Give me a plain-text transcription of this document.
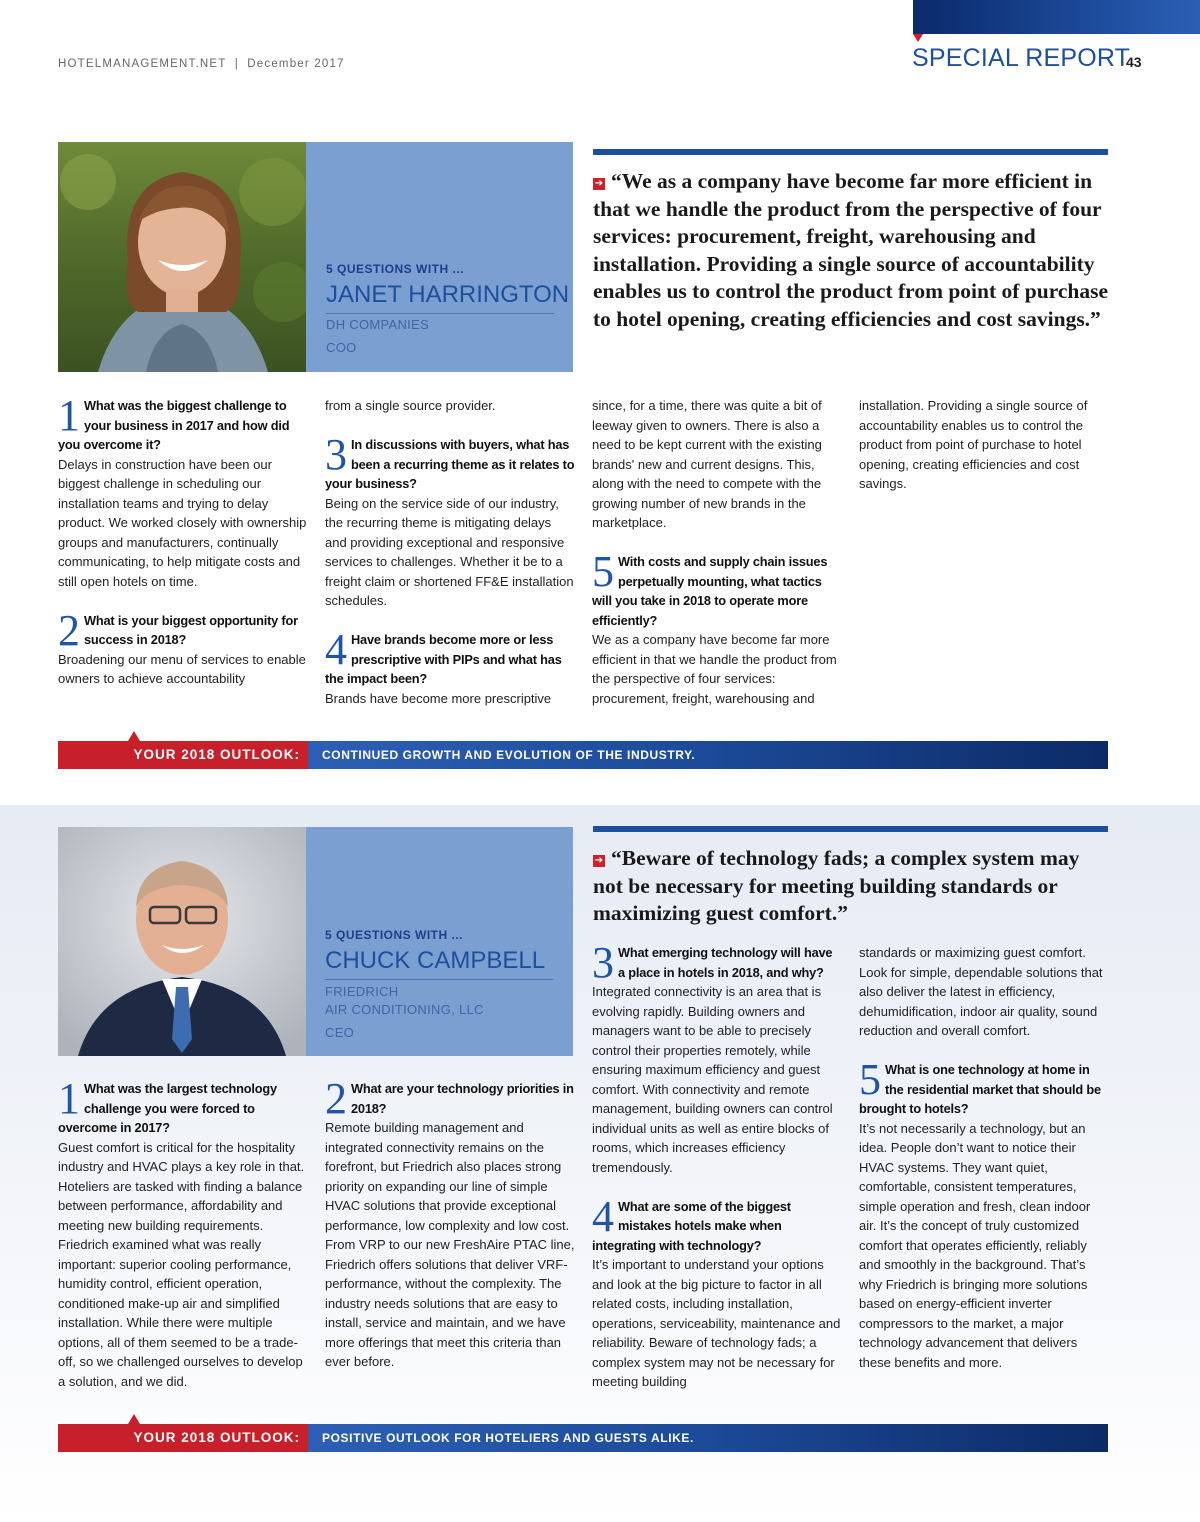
HOTELMANAGEMENT.NET | December 2017	SPECIAL REPORT
43
5 QUESTIONS WITH ...
JANET HARRINGTON
DH COMPANIES
COO
➔ “We as a company have become far more efficient in that we handle the product from the perspective of four services: procurement, freight, warehousing and installation. Providing a single source of accountability enables us to control the product from point of purchase to hotel opening, creating efficiencies and cost savings.”
1 What was the biggest challenge to your business in 2017 and how did you overcome it?
Delays in construction have been our biggest challenge in scheduling our installation teams and trying to delay product. We worked closely with ownership groups and manufacturers, continually communicating, to help mitigate costs and still open hotels on time.
2 What is your biggest opportunity for success in 2018?
Broadening our menu of services to enable owners to achieve accountability
from a single source provider.
3 In discussions with buyers, what has been a recurring theme as it relates to your business?
Being on the service side of our industry, the recurring theme is mitigating delays and providing exceptional and responsive services to challenges. Whether it be to a freight claim or shortened FF&E installation schedules.
4 Have brands become more or less prescriptive with PIPs and what has the impact been?
Brands have become more prescriptive
since, for a time, there was quite a bit of leeway given to owners. There is also a need to be kept current with the existing brands' new and current designs. This, along with the need to compete with the growing number of new brands in the marketplace.
5 With costs and supply chain issues perpetually mounting, what tactics will you take in 2018 to operate more efficiently?
We as a company have become far more efficient in that we handle the product from the perspective of four services: procurement, freight, warehousing and
installation. Providing a single source of accountability enables us to control the product from point of purchase to hotel opening, creating efficiencies and cost savings.
YOUR 2018 OUTLOOK: CONTINUED GROWTH AND EVOLUTION OF THE INDUSTRY.
5 QUESTIONS WITH ...
CHUCK CAMPBELL
FRIEDRICH
AIR CONDITIONING, LLC
CEO
➔ “Beware of technology fads; a complex system may not be necessary for meeting building standards or maximizing guest comfort.”
1 What was the largest technology challenge you were forced to overcome in 2017?
Guest comfort is critical for the hospitality industry and HVAC plays a key role in that. Hoteliers are tasked with finding a balance between performance, affordability and meeting new building requirements. Friedrich examined what was really important: superior cooling performance, humidity control, efficient operation, conditioned make-up air and simplified installation. While there were multiple options, all of them seemed to be a trade-off, so we challenged ourselves to develop a solution, and we did.
2 What are your technology priorities in 2018?
Remote building management and integrated connectivity remains on the forefront, but Friedrich also places strong priority on expanding our line of simple HVAC solutions that provide exceptional performance, low complexity and low cost. From VRP to our new FreshAire PTAC line, Friedrich offers solutions that deliver VRF-performance, without the complexity. The industry needs solutions that are easy to install, service and maintain, and we have more offerings that meet this criteria than ever before.
3 What emerging technology will have a place in hotels in 2018, and why?
Integrated connectivity is an area that is evolving rapidly. Building owners and managers want to be able to precisely control their properties remotely, while ensuring maximum efficiency and guest comfort. With connectivity and remote management, building owners can control individual units as well as entire blocks of rooms, which increases efficiency tremendously.
4 What are some of the biggest mistakes hotels make when integrating with technology?
It’s important to understand your options and look at the big picture to factor in all related costs, including installation, operations, serviceability, maintenance and reliability. Beware of technology fads; a complex system may not be necessary for meeting building
standards or maximizing guest comfort. Look for simple, dependable solutions that also deliver the latest in efficiency, dehumidification, indoor air quality, sound reduction and overall comfort.
5 What is one technology at home in the residential market that should be brought to hotels?
It’s not necessarily a technology, but an idea. People don’t want to notice their HVAC systems. They want quiet, comfortable, consistent temperatures, simple operation and fresh, clean indoor air. It’s the concept of truly customized comfort that operates efficiently, reliably and smoothly in the background. That’s why Friedrich is bringing more solutions based on energy-efficient inverter compressors to the market, a major technology advancement that delivers these benefits and more.
YOUR 2018 OUTLOOK: POSITIVE OUTLOOK FOR HOTELIERS AND GUESTS ALIKE.
